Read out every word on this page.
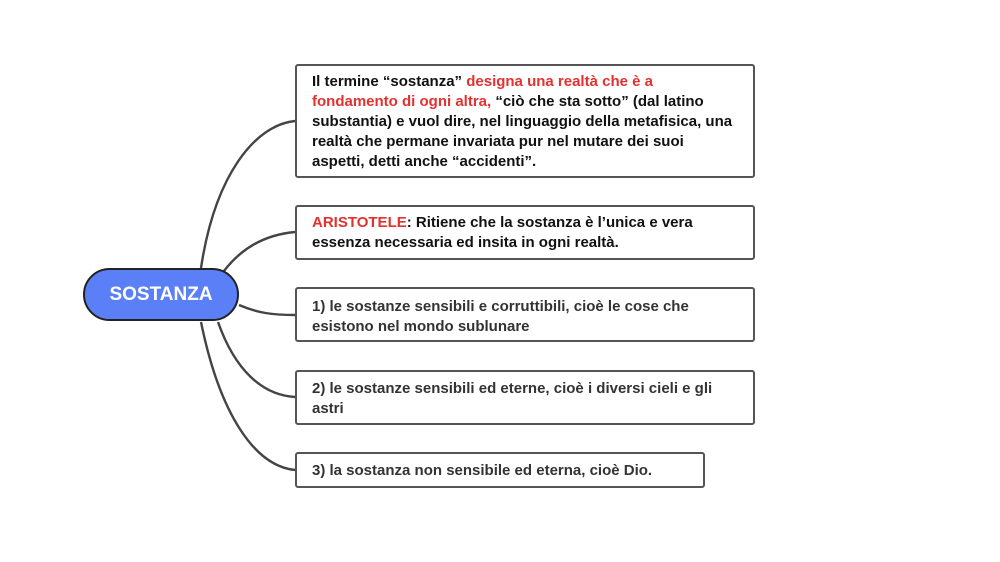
SOSTANZA
Il termine “sostanza” designa una realtà che è a fondamento di ogni altra, “ciò che sta sotto” (dal latino substantia) e vuol dire, nel linguaggio della metafisica, una realtà che permane invariata pur nel mutare dei suoi aspetti, detti anche “accidenti”.
ARISTOTELE: Ritiene che la sostanza è l’unica e vera essenza necessaria ed insita in ogni realtà.
1) le sostanze sensibili e corruttibili, cioè le cose che esistono nel mondo sublunare
2) le sostanze sensibili ed eterne, cioè i diversi cieli e gli astri
3) la sostanza non sensibile ed eterna, cioè Dio.
